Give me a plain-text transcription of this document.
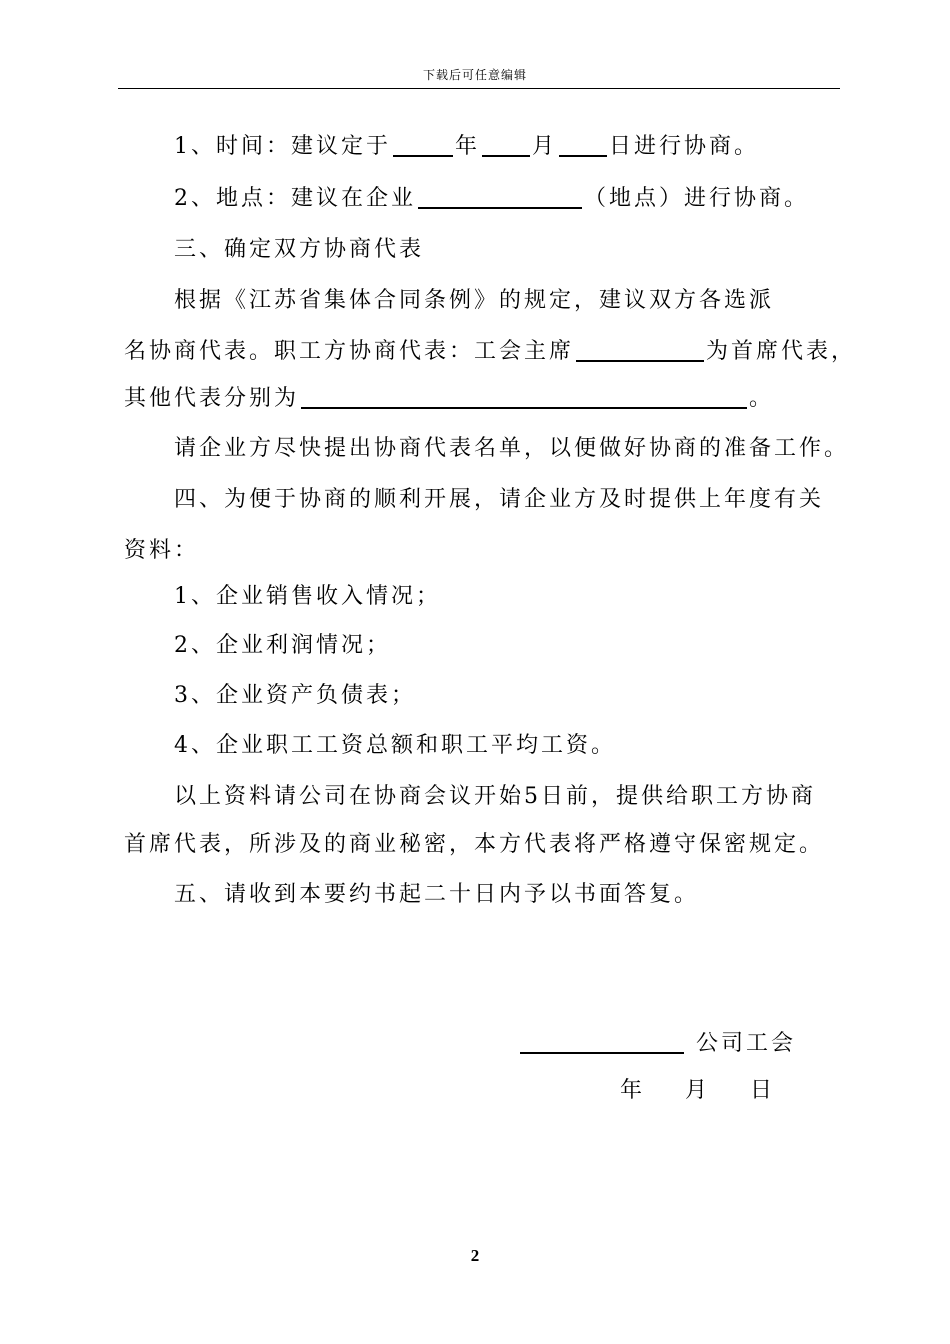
下载后可任意编辑
1、时间：建议定于	年 月 日进行协商。
2、地点：建议在企业	（地点）进行协商。
三、确定双方协商代表
根据《江苏省集体合同条例》的规定，建议双方各选派
名协商代表。职工方协商代表：工会主席	为首席代表，
其他代表分别为	。
请企业方尽快提出协商代表名单，以便做好协商的准备工作。
四、为便于协商的顺利开展，请企业方及时提供上年度有关
资料：
1、企业销售收入情况；
2、企业利润情况；
3、企业资产负债表；
4、企业职工工资总额和职工平均工资。
以上资料请公司在协商会议开始5日前，提供给职工方协商
首席代表，所涉及的商业秘密，本方代表将严格遵守保密规定。
五、请收到本要约书起二十日内予以书面答复。
公司工会
年 月 日
2
